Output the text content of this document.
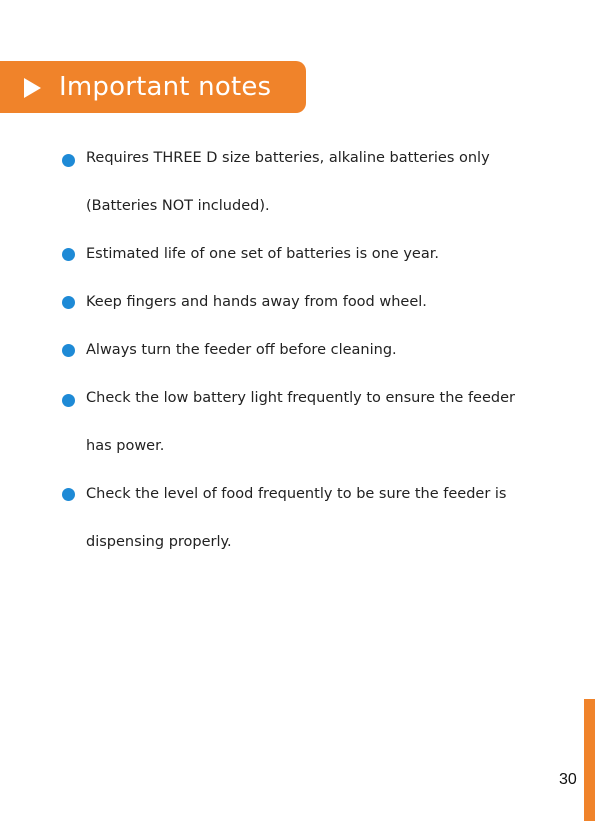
Important notes
Requires THREE D size batteries, alkaline batteries only
(Batteries NOT included).
Estimated life of one set of batteries is one year.
Keep fingers and hands away from food wheel.
Always turn the feeder off before cleaning.
Check the low battery light frequently to ensure the feeder
has power.
Check the level of food frequently to be sure the feeder is
dispensing properly.
30
